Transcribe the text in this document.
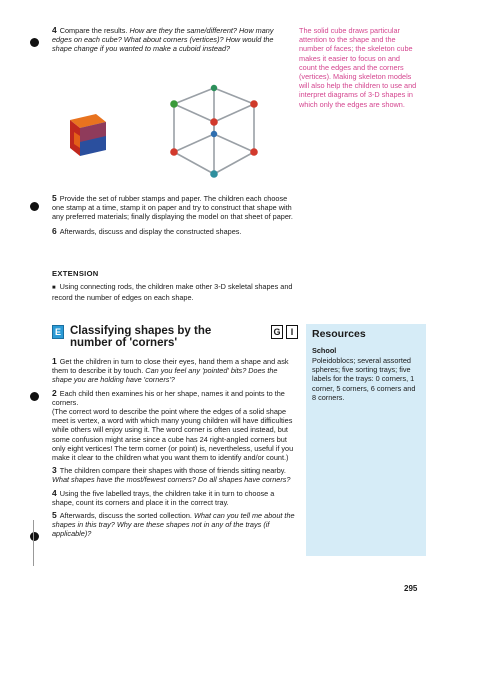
4 Compare the results. How are they the same/different? How many edges on each cube? What about corners (vertices)? How would the shape change if you wanted to make a cuboid instead?

The solid cube draws particular attention to the shape and the number of faces; the skeleton cube makes it easier to focus on and count the edges and the corners (vertices). Making skeleton models will also help the children to use and interpret diagrams of 3-D shapes in which only the edges are shown.

5 Provide the set of rubber stamps and paper. The children each choose one stamp at a time, stamp it on paper and try to construct that shape with any preferred materials; finally displaying the model on that sheet of paper.

6 Afterwards, discuss and display the constructed shapes.

EXTENSION

■ Using connecting rods, the children make other 3-D skeletal shapes and record the number of edges on each shape.

E Classifying shapes by the number of 'corners'
G	I

1 Get the children in turn to close their eyes, hand them a shape and ask them to describe it by touch. Can you feel any 'pointed' bits? Does the shape you are holding have 'corners'?

2 Each child then examines his or her shape, names it and points to the corners.

(The correct word to describe the point where the edges of a solid shape meet is vertex, a word with which many young children will have difficulties while others will enjoy using it. The word corner is often used instead, but some confusion might arise since a cube has 24 right-angled corners but only eight vertices! The term corner (or point) is, nevertheless, useful if you make it clear to the children what you want them to identify and/or count.)

3 The children compare their shapes with those of friends sitting nearby. What shapes have the most/fewest corners? Do all shapes have corners?

4 Using the five labelled trays, the children take it in turn to choose a shape, count its corners and place it in the correct tray.

5 Afterwards, discuss the sorted collection. What can you tell me about the shapes in this tray? Why are these shapes not in any of the trays (if applicable)?

Resources
School

Poleidoblocs; several assorted spheres; five sorting trays; five labels for the trays: 0 corners, 1 corner, 5 corners, 6 corners and 8 corners.

295
